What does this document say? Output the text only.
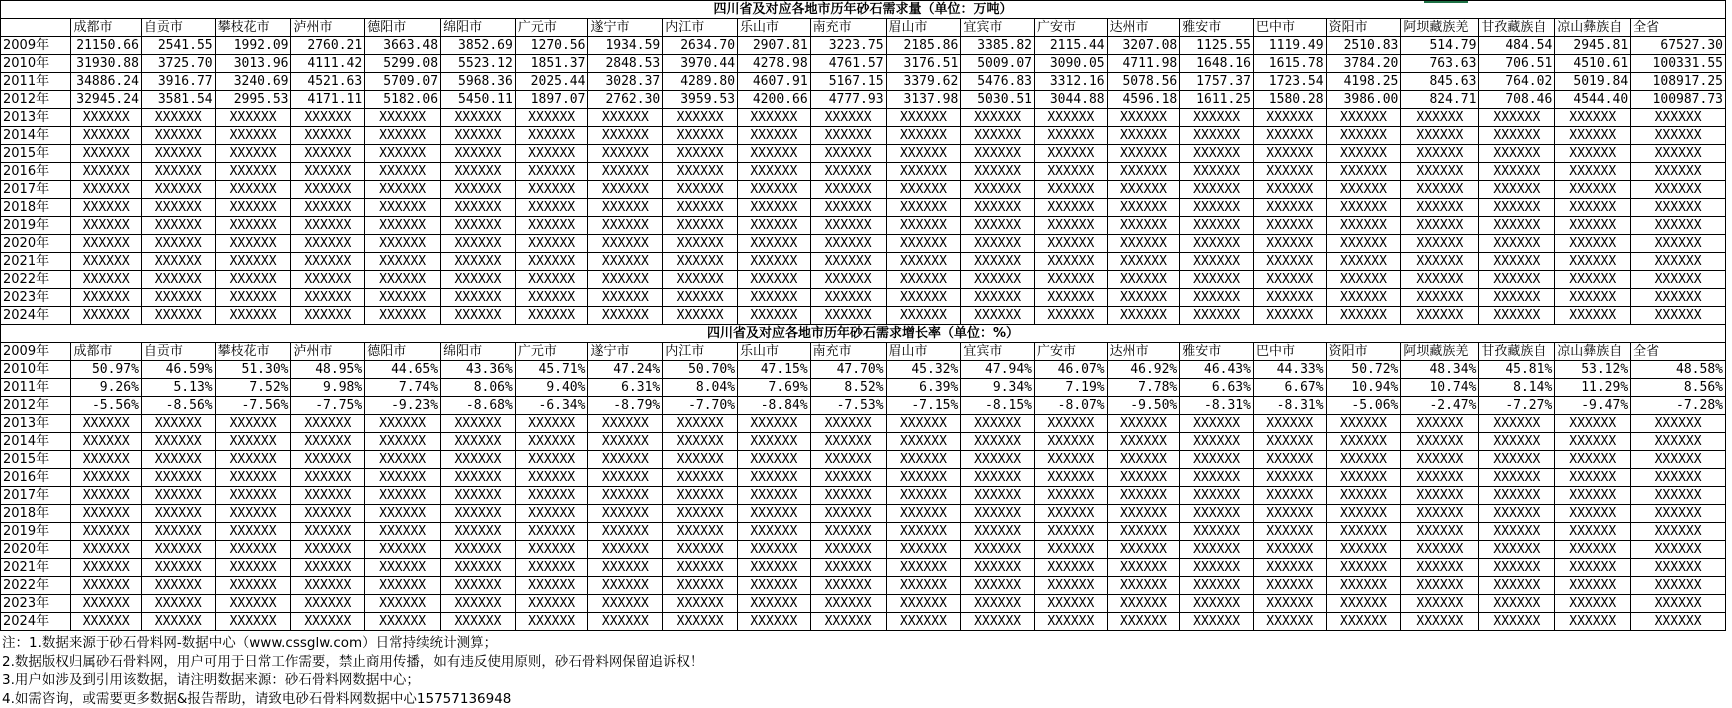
四川省及对应各地市历年砂石需求量（单位：万吨）																						
	成都市	自贡市	攀枝花市	泸州市	德阳市	绵阳市	广元市	遂宁市	内江市	乐山市	南充市	眉山市	宜宾市	广安市	达州市	雅安市	巴中市	资阳市	阿坝藏族羌	甘孜藏族自	凉山彝族自	全省
2009年	21150.66	2541.55	1992.09	2760.21	3663.48	3852.69	1270.56	1934.59	2634.70	2907.81	3223.75	2185.86	3385.82	2115.44	3207.08	1125.55	1119.49	2510.83	514.79	484.54	2945.81	67527.30
2010年	31930.88	3725.70	3013.96	4111.42	5299.08	5523.12	1851.37	2848.53	3970.44	4278.98	4761.57	3176.51	5009.07	3090.05	4711.98	1648.16	1615.78	3784.20	763.63	706.51	4510.61	100331.55
2011年	34886.24	3916.77	3240.69	4521.63	5709.07	5968.36	2025.44	3028.37	4289.80	4607.91	5167.15	3379.62	5476.83	3312.16	5078.56	1757.37	1723.54	4198.25	845.63	764.02	5019.84	108917.25
2012年	32945.24	3581.54	2995.53	4171.11	5182.06	5450.11	1897.07	2762.30	3959.53	4200.66	4777.93	3137.98	5030.51	3044.88	4596.18	1611.25	1580.28	3986.00	824.71	708.46	4544.40	100987.73
2013年	XXXXXX	XXXXXX	XXXXXX	XXXXXX	XXXXXX	XXXXXX	XXXXXX	XXXXXX	XXXXXX	XXXXXX	XXXXXX	XXXXXX	XXXXXX	XXXXXX	XXXXXX	XXXXXX	XXXXXX	XXXXXX	XXXXXX	XXXXXX	XXXXXX	XXXXXX
2014年	XXXXXX	XXXXXX	XXXXXX	XXXXXX	XXXXXX	XXXXXX	XXXXXX	XXXXXX	XXXXXX	XXXXXX	XXXXXX	XXXXXX	XXXXXX	XXXXXX	XXXXXX	XXXXXX	XXXXXX	XXXXXX	XXXXXX	XXXXXX	XXXXXX	XXXXXX
2015年	XXXXXX	XXXXXX	XXXXXX	XXXXXX	XXXXXX	XXXXXX	XXXXXX	XXXXXX	XXXXXX	XXXXXX	XXXXXX	XXXXXX	XXXXXX	XXXXXX	XXXXXX	XXXXXX	XXXXXX	XXXXXX	XXXXXX	XXXXXX	XXXXXX	XXXXXX
2016年	XXXXXX	XXXXXX	XXXXXX	XXXXXX	XXXXXX	XXXXXX	XXXXXX	XXXXXX	XXXXXX	XXXXXX	XXXXXX	XXXXXX	XXXXXX	XXXXXX	XXXXXX	XXXXXX	XXXXXX	XXXXXX	XXXXXX	XXXXXX	XXXXXX	XXXXXX
2017年	XXXXXX	XXXXXX	XXXXXX	XXXXXX	XXXXXX	XXXXXX	XXXXXX	XXXXXX	XXXXXX	XXXXXX	XXXXXX	XXXXXX	XXXXXX	XXXXXX	XXXXXX	XXXXXX	XXXXXX	XXXXXX	XXXXXX	XXXXXX	XXXXXX	XXXXXX
2018年	XXXXXX	XXXXXX	XXXXXX	XXXXXX	XXXXXX	XXXXXX	XXXXXX	XXXXXX	XXXXXX	XXXXXX	XXXXXX	XXXXXX	XXXXXX	XXXXXX	XXXXXX	XXXXXX	XXXXXX	XXXXXX	XXXXXX	XXXXXX	XXXXXX	XXXXXX
2019年	XXXXXX	XXXXXX	XXXXXX	XXXXXX	XXXXXX	XXXXXX	XXXXXX	XXXXXX	XXXXXX	XXXXXX	XXXXXX	XXXXXX	XXXXXX	XXXXXX	XXXXXX	XXXXXX	XXXXXX	XXXXXX	XXXXXX	XXXXXX	XXXXXX	XXXXXX
2020年	XXXXXX	XXXXXX	XXXXXX	XXXXXX	XXXXXX	XXXXXX	XXXXXX	XXXXXX	XXXXXX	XXXXXX	XXXXXX	XXXXXX	XXXXXX	XXXXXX	XXXXXX	XXXXXX	XXXXXX	XXXXXX	XXXXXX	XXXXXX	XXXXXX	XXXXXX
2021年	XXXXXX	XXXXXX	XXXXXX	XXXXXX	XXXXXX	XXXXXX	XXXXXX	XXXXXX	XXXXXX	XXXXXX	XXXXXX	XXXXXX	XXXXXX	XXXXXX	XXXXXX	XXXXXX	XXXXXX	XXXXXX	XXXXXX	XXXXXX	XXXXXX	XXXXXX
2022年	XXXXXX	XXXXXX	XXXXXX	XXXXXX	XXXXXX	XXXXXX	XXXXXX	XXXXXX	XXXXXX	XXXXXX	XXXXXX	XXXXXX	XXXXXX	XXXXXX	XXXXXX	XXXXXX	XXXXXX	XXXXXX	XXXXXX	XXXXXX	XXXXXX	XXXXXX
2023年	XXXXXX	XXXXXX	XXXXXX	XXXXXX	XXXXXX	XXXXXX	XXXXXX	XXXXXX	XXXXXX	XXXXXX	XXXXXX	XXXXXX	XXXXXX	XXXXXX	XXXXXX	XXXXXX	XXXXXX	XXXXXX	XXXXXX	XXXXXX	XXXXXX	XXXXXX
2024年	XXXXXX	XXXXXX	XXXXXX	XXXXXX	XXXXXX	XXXXXX	XXXXXX	XXXXXX	XXXXXX	XXXXXX	XXXXXX	XXXXXX	XXXXXX	XXXXXX	XXXXXX	XXXXXX	XXXXXX	XXXXXX	XXXXXX	XXXXXX	XXXXXX	XXXXXX
四川省及对应各地市历年砂石需求增长率（单位：%）																						
2009年	成都市	自贡市	攀枝花市	泸州市	德阳市	绵阳市	广元市	遂宁市	内江市	乐山市	南充市	眉山市	宜宾市	广安市	达州市	雅安市	巴中市	资阳市	阿坝藏族羌	甘孜藏族自	凉山彝族自	全省
2010年	50.97%	46.59%	51.30%	48.95%	44.65%	43.36%	45.71%	47.24%	50.70%	47.15%	47.70%	45.32%	47.94%	46.07%	46.92%	46.43%	44.33%	50.72%	48.34%	45.81%	53.12%	48.58%
2011年	9.26%	5.13%	7.52%	9.98%	7.74%	8.06%	9.40%	6.31%	8.04%	7.69%	8.52%	6.39%	9.34%	7.19%	7.78%	6.63%	6.67%	10.94%	10.74%	8.14%	11.29%	8.56%
2012年	-5.56%	-8.56%	-7.56%	-7.75%	-9.23%	-8.68%	-6.34%	-8.79%	-7.70%	-8.84%	-7.53%	-7.15%	-8.15%	-8.07%	-9.50%	-8.31%	-8.31%	-5.06%	-2.47%	-7.27%	-9.47%	-7.28%
2013年	XXXXXX	XXXXXX	XXXXXX	XXXXXX	XXXXXX	XXXXXX	XXXXXX	XXXXXX	XXXXXX	XXXXXX	XXXXXX	XXXXXX	XXXXXX	XXXXXX	XXXXXX	XXXXXX	XXXXXX	XXXXXX	XXXXXX	XXXXXX	XXXXXX	XXXXXX
2014年	XXXXXX	XXXXXX	XXXXXX	XXXXXX	XXXXXX	XXXXXX	XXXXXX	XXXXXX	XXXXXX	XXXXXX	XXXXXX	XXXXXX	XXXXXX	XXXXXX	XXXXXX	XXXXXX	XXXXXX	XXXXXX	XXXXXX	XXXXXX	XXXXXX	XXXXXX
2015年	XXXXXX	XXXXXX	XXXXXX	XXXXXX	XXXXXX	XXXXXX	XXXXXX	XXXXXX	XXXXXX	XXXXXX	XXXXXX	XXXXXX	XXXXXX	XXXXXX	XXXXXX	XXXXXX	XXXXXX	XXXXXX	XXXXXX	XXXXXX	XXXXXX	XXXXXX
2016年	XXXXXX	XXXXXX	XXXXXX	XXXXXX	XXXXXX	XXXXXX	XXXXXX	XXXXXX	XXXXXX	XXXXXX	XXXXXX	XXXXXX	XXXXXX	XXXXXX	XXXXXX	XXXXXX	XXXXXX	XXXXXX	XXXXXX	XXXXXX	XXXXXX	XXXXXX
2017年	XXXXXX	XXXXXX	XXXXXX	XXXXXX	XXXXXX	XXXXXX	XXXXXX	XXXXXX	XXXXXX	XXXXXX	XXXXXX	XXXXXX	XXXXXX	XXXXXX	XXXXXX	XXXXXX	XXXXXX	XXXXXX	XXXXXX	XXXXXX	XXXXXX	XXXXXX
2018年	XXXXXX	XXXXXX	XXXXXX	XXXXXX	XXXXXX	XXXXXX	XXXXXX	XXXXXX	XXXXXX	XXXXXX	XXXXXX	XXXXXX	XXXXXX	XXXXXX	XXXXXX	XXXXXX	XXXXXX	XXXXXX	XXXXXX	XXXXXX	XXXXXX	XXXXXX
2019年	XXXXXX	XXXXXX	XXXXXX	XXXXXX	XXXXXX	XXXXXX	XXXXXX	XXXXXX	XXXXXX	XXXXXX	XXXXXX	XXXXXX	XXXXXX	XXXXXX	XXXXXX	XXXXXX	XXXXXX	XXXXXX	XXXXXX	XXXXXX	XXXXXX	XXXXXX
2020年	XXXXXX	XXXXXX	XXXXXX	XXXXXX	XXXXXX	XXXXXX	XXXXXX	XXXXXX	XXXXXX	XXXXXX	XXXXXX	XXXXXX	XXXXXX	XXXXXX	XXXXXX	XXXXXX	XXXXXX	XXXXXX	XXXXXX	XXXXXX	XXXXXX	XXXXXX
2021年	XXXXXX	XXXXXX	XXXXXX	XXXXXX	XXXXXX	XXXXXX	XXXXXX	XXXXXX	XXXXXX	XXXXXX	XXXXXX	XXXXXX	XXXXXX	XXXXXX	XXXXXX	XXXXXX	XXXXXX	XXXXXX	XXXXXX	XXXXXX	XXXXXX	XXXXXX
2022年	XXXXXX	XXXXXX	XXXXXX	XXXXXX	XXXXXX	XXXXXX	XXXXXX	XXXXXX	XXXXXX	XXXXXX	XXXXXX	XXXXXX	XXXXXX	XXXXXX	XXXXXX	XXXXXX	XXXXXX	XXXXXX	XXXXXX	XXXXXX	XXXXXX	XXXXXX
2023年	XXXXXX	XXXXXX	XXXXXX	XXXXXX	XXXXXX	XXXXXX	XXXXXX	XXXXXX	XXXXXX	XXXXXX	XXXXXX	XXXXXX	XXXXXX	XXXXXX	XXXXXX	XXXXXX	XXXXXX	XXXXXX	XXXXXX	XXXXXX	XXXXXX	XXXXXX
2024年	XXXXXX	XXXXXX	XXXXXX	XXXXXX	XXXXXX	XXXXXX	XXXXXX	XXXXXX	XXXXXX	XXXXXX	XXXXXX	XXXXXX	XXXXXX	XXXXXX	XXXXXX	XXXXXX	XXXXXX	XXXXXX	XXXXXX	XXXXXX	XXXXXX	XXXXXX
注：1.数据来源于砂石骨料网-数据中心（www.cssglw.com）日常持续统计测算；
2.数据版权归属砂石骨料网，用户可用于日常工作需要，禁止商用传播，如有违反使用原则，砂石骨料网保留追诉权！
3.用户如涉及到引用该数据，请注明数据来源：砂石骨料网数据中心；
4.如需咨询，或需要更多数据&报告帮助，请致电砂石骨料网数据中心15757136948
